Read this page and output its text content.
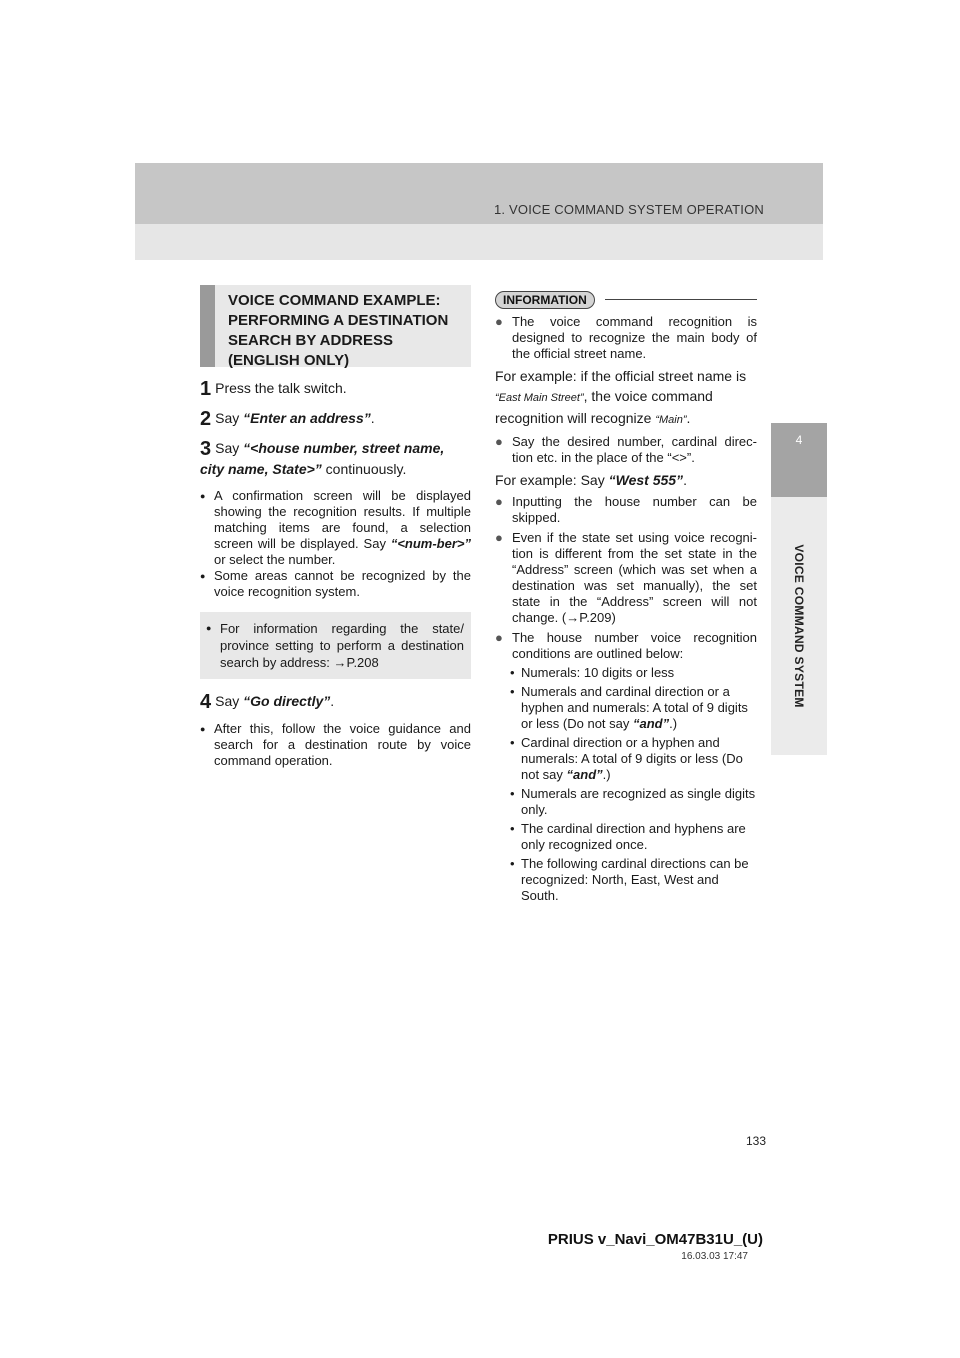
1. VOICE COMMAND SYSTEM OPERATION
4
VOICE COMMAND SYSTEM
VOICE COMMAND EXAMPLE: PERFORMING A DESTINATION SEARCH BY ADDRESS (ENGLISH ONLY)
1 Press the talk switch.
2 Say “Enter an address”.
3 Say “<house number, street name, city name, State>” continuously.
● A confirmation screen will be displayed showing the recognition results. If multiple matching items are found, a selection screen will be displayed. Say “<num-ber>” or select the number.
● Some areas cannot be recognized by the voice recognition system.
● For information regarding the state/ province setting to perform a destination search by address: →P.208
4 Say “Go directly”.
● After this, follow the voice guidance and search for a destination route by voice command operation.
INFORMATION
● The voice command recognition is designed to recognize the main body of the official street name.
For example: if the official street name is “East Main Street”, the voice command recognition will recognize “Main”.
● Say the desired number, cardinal direc-tion etc. in the place of the “<>”.
For example: Say “West 555”.
● Inputting the house number can be skipped.
● Even if the state set using voice recogni-tion is different from the set state in the “Address” screen (which was set when a destination was set manually), the set state in the “Address” screen will not change. (→P.209)
● The house number voice recognition conditions are outlined below:
• Numerals: 10 digits or less
• Numerals and cardinal direction or a hyphen and numerals: A total of 9 digits or less (Do not say “and”.)
• Cardinal direction or a hyphen and numerals: A total of 9 digits or less (Do not say “and”.)
• Numerals are recognized as single digits only.
• The cardinal direction and hyphens are only recognized once.
• The following cardinal directions can be recognized: North, East, West and South.
133
PRIUS v_Navi_OM47B31U_(U)
16.03.03 17:47
